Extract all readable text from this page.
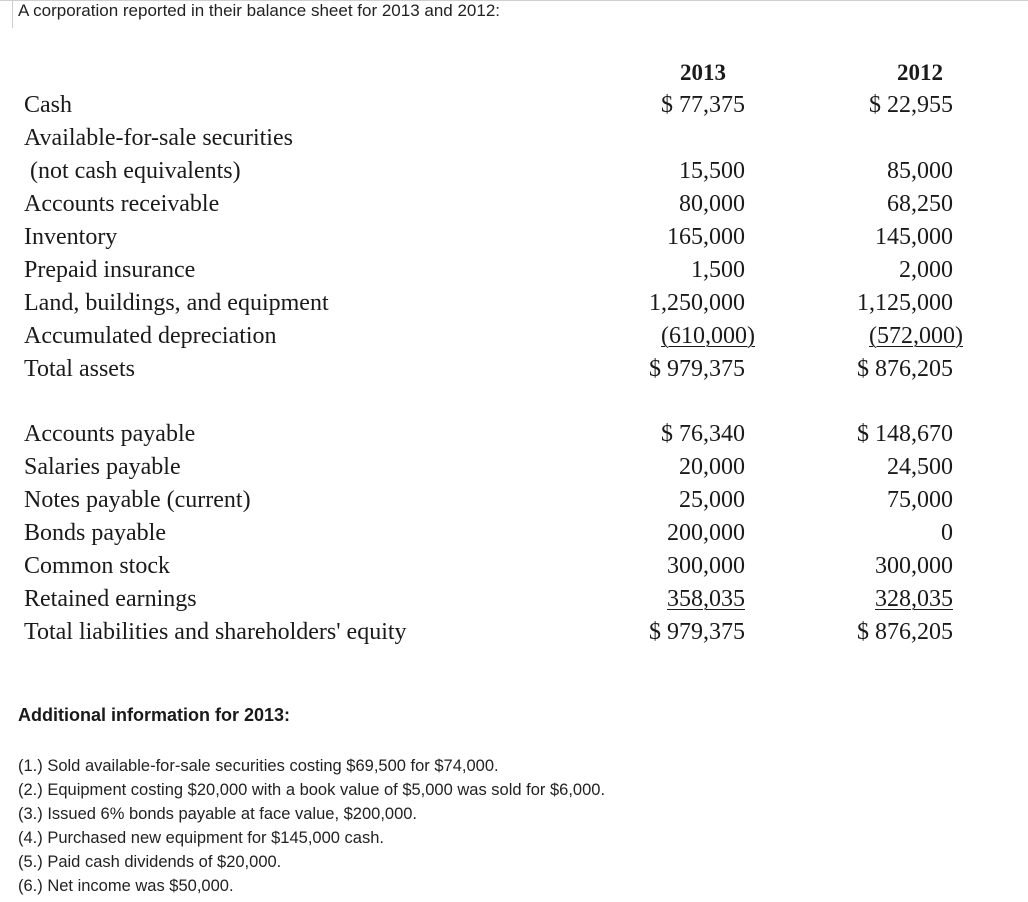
A corporation reported in their balance sheet for 2013 and 2012:
2013	2012
Cash
Available-for-sale securities
(not cash equivalents)
Accounts receivable
Inventory
Prepaid insurance
Land, buildings, and equipment
Accumulated depreciation
Total assets
$ 77,375
15,500
80,000
165,000
1,500
1,250,000
(610,000)
$ 979,375
$ 22,955
85,000
68,250
145,000
2,000
1,125,000
(572,000)
$ 876,205
Accounts payable
Salaries payable
Notes payable (current)
Bonds payable
Common stock
Retained earnings
Total liabilities and shareholders' equity
$ 76,340
20,000
25,000
200,000
300,000
358,035
$ 979,375
$ 148,670
24,500
75,000
0
300,000
328,035
$ 876,205
Additional information for 2013:
(1.) Sold available-for-sale securities costing $69,500 for $74,000.
(2.) Equipment costing $20,000 with a book value of $5,000 was sold for $6,000.
(3.) Issued 6% bonds payable at face value, $200,000.
(4.) Purchased new equipment for $145,000 cash.
(5.) Paid cash dividends of $20,000.
(6.) Net income was $50,000.
